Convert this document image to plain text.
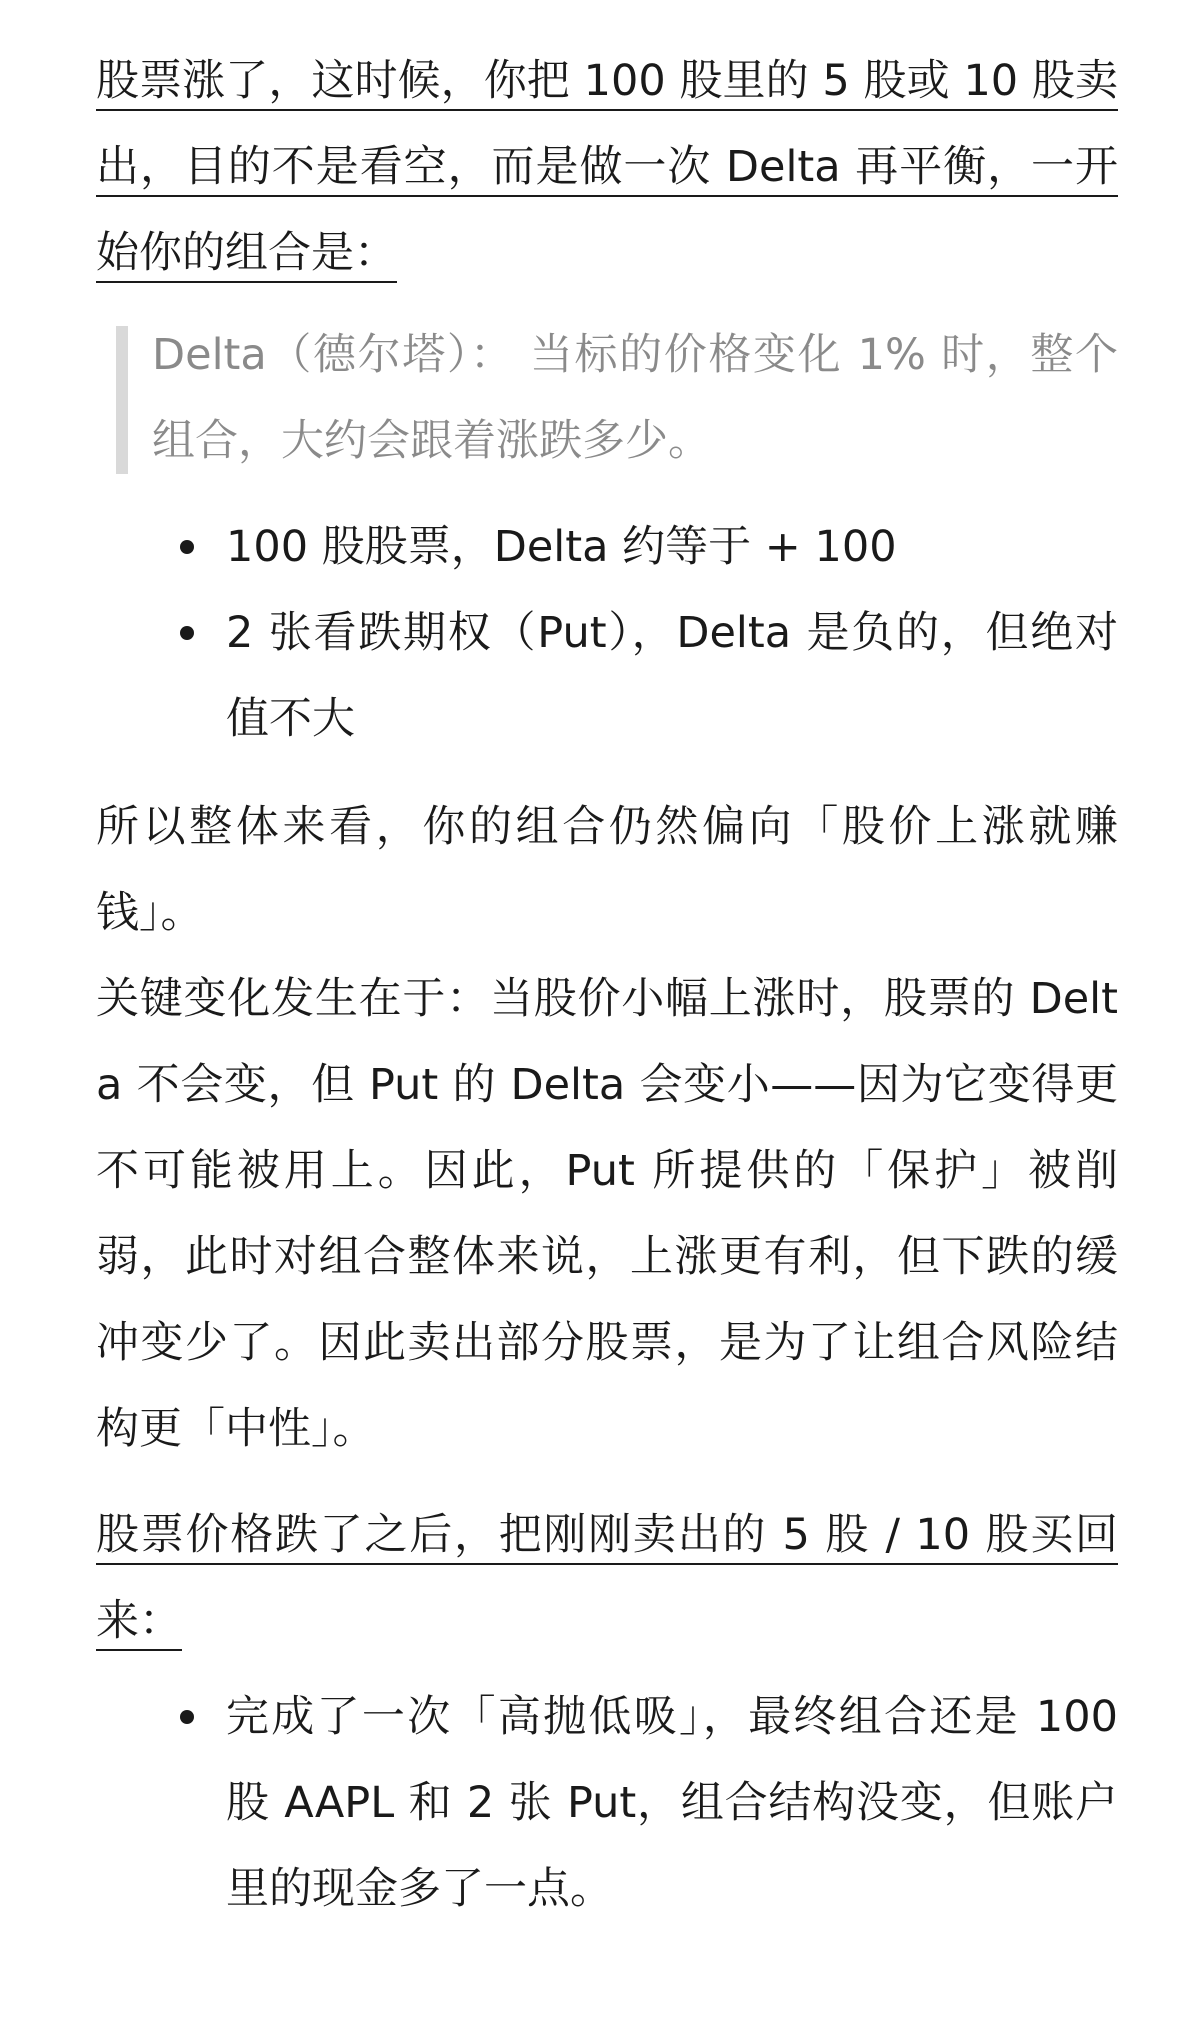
股票涨了，这时候，你把 100 股里的 5 股或 10 股卖出，目的不是看空，而是做一次 Delta 再平衡，一开始你的组合是：

Delta（德尔塔）： 当标的价格变化 1% 时，整个组合，大约会跟着涨跌多少。

100 股股票，Delta 约等于 + 100

2 张看跌期权（Put），Delta 是负的，但绝对值不大

所以整体来看，你的组合仍然偏向「股价上涨就赚钱」。

关键变化发生在于：当股价小幅上涨时，股票的 Delta 不会变，但 Put 的 Delta 会变小——因为它变得更不可能被用上。因此，Put 所提供的「保护」被削弱，此时对组合整体来说，上涨更有利，但下跌的缓冲变少了。因此卖出部分股票，是为了让组合风险结构更「中性」。

股票价格跌了之后，把刚刚卖出的 5 股 / 10 股买回来：

完成了一次「高抛低吸」，最终组合还是 100 股 AAPL 和 2 张 Put，组合结构没变，但账户里的现金多了一点。
